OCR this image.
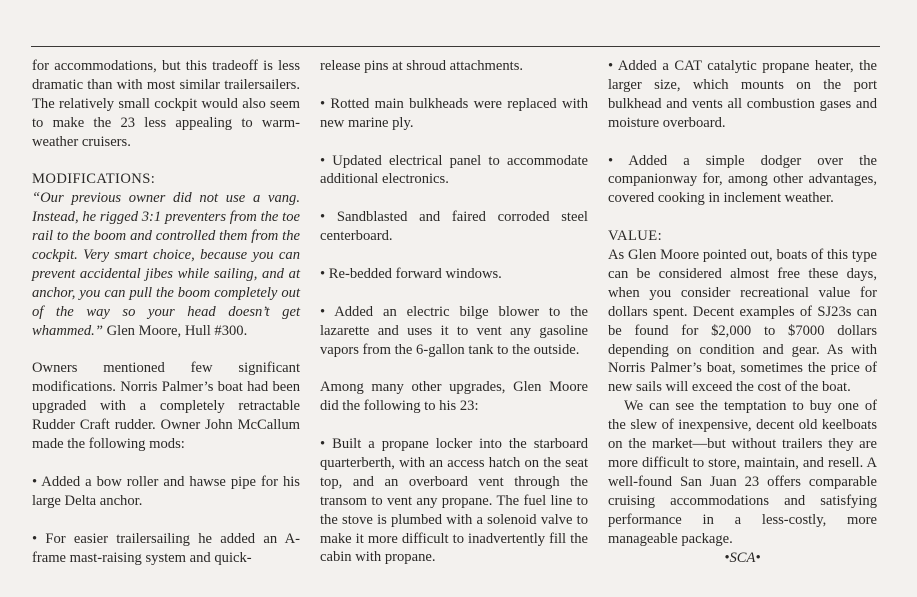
for accommodations, but this tradeoff is less dramatic than with most similar trailersailers. The relatively small cockpit would also seem to make the 23 less appealing to warm-weather cruisers.

MODIFICATIONS:

“Our previous owner did not use a vang. Instead, he rigged 3:1 preventers from the toe rail to the boom and controlled them from the cockpit. Very smart choice, because you can prevent accidental jibes while sailing, and at anchor, you can pull the boom completely out of the way so your head doesn’t get whammed.” Glen Moore, Hull #300.

Owners mentioned few significant modifications. Norris Palmer’s boat had been upgraded with a completely retractable Rudder Craft rudder. Owner John McCallum made the following mods:

• Added a bow roller and hawse pipe for his large Delta anchor.

• For easier trailersailing he added an A-frame mast-raising system and quick-

release pins at shroud attachments.

• Rotted main bulkheads were replaced with new marine ply.

• Updated electrical panel to accommodate additional electronics.

• Sandblasted and faired corroded steel centerboard.

• Re-bedded forward windows.

• Added an electric bilge blower to the lazarette and uses it to vent any gasoline vapors from the 6-gallon tank to the outside.

Among many other upgrades, Glen Moore did the following to his 23:

• Built a propane locker into the starboard quarterberth, with an access hatch on the seat top, and an overboard vent through the transom to vent any propane. The fuel line to the stove is plumbed with a solenoid valve to make it more difficult to inadvertently fill the cabin with propane.

• Added a CAT catalytic propane heater, the larger size, which mounts on the port bulkhead and vents all combustion gases and moisture overboard.

• Added a simple dodger over the companionway for, among other advantages, covered cooking in inclement weather.

VALUE:

As Glen Moore pointed out, boats of this type can be considered almost free these days, when you consider recreational value for dollars spent. Decent examples of SJ23s can be found for $2,000 to $7000 dollars depending on condition and gear. As with Norris Palmer’s boat, sometimes the price of new sails will exceed the cost of the boat.

We can see the temptation to buy one of the slew of inexpensive, decent old keelboats on the market—but without trailers they are more difficult to store, maintain, and resell. A well-found San Juan 23 offers comparable cruising accommodations and satisfying performance in a less-costly, more manageable package.

•SCA•
